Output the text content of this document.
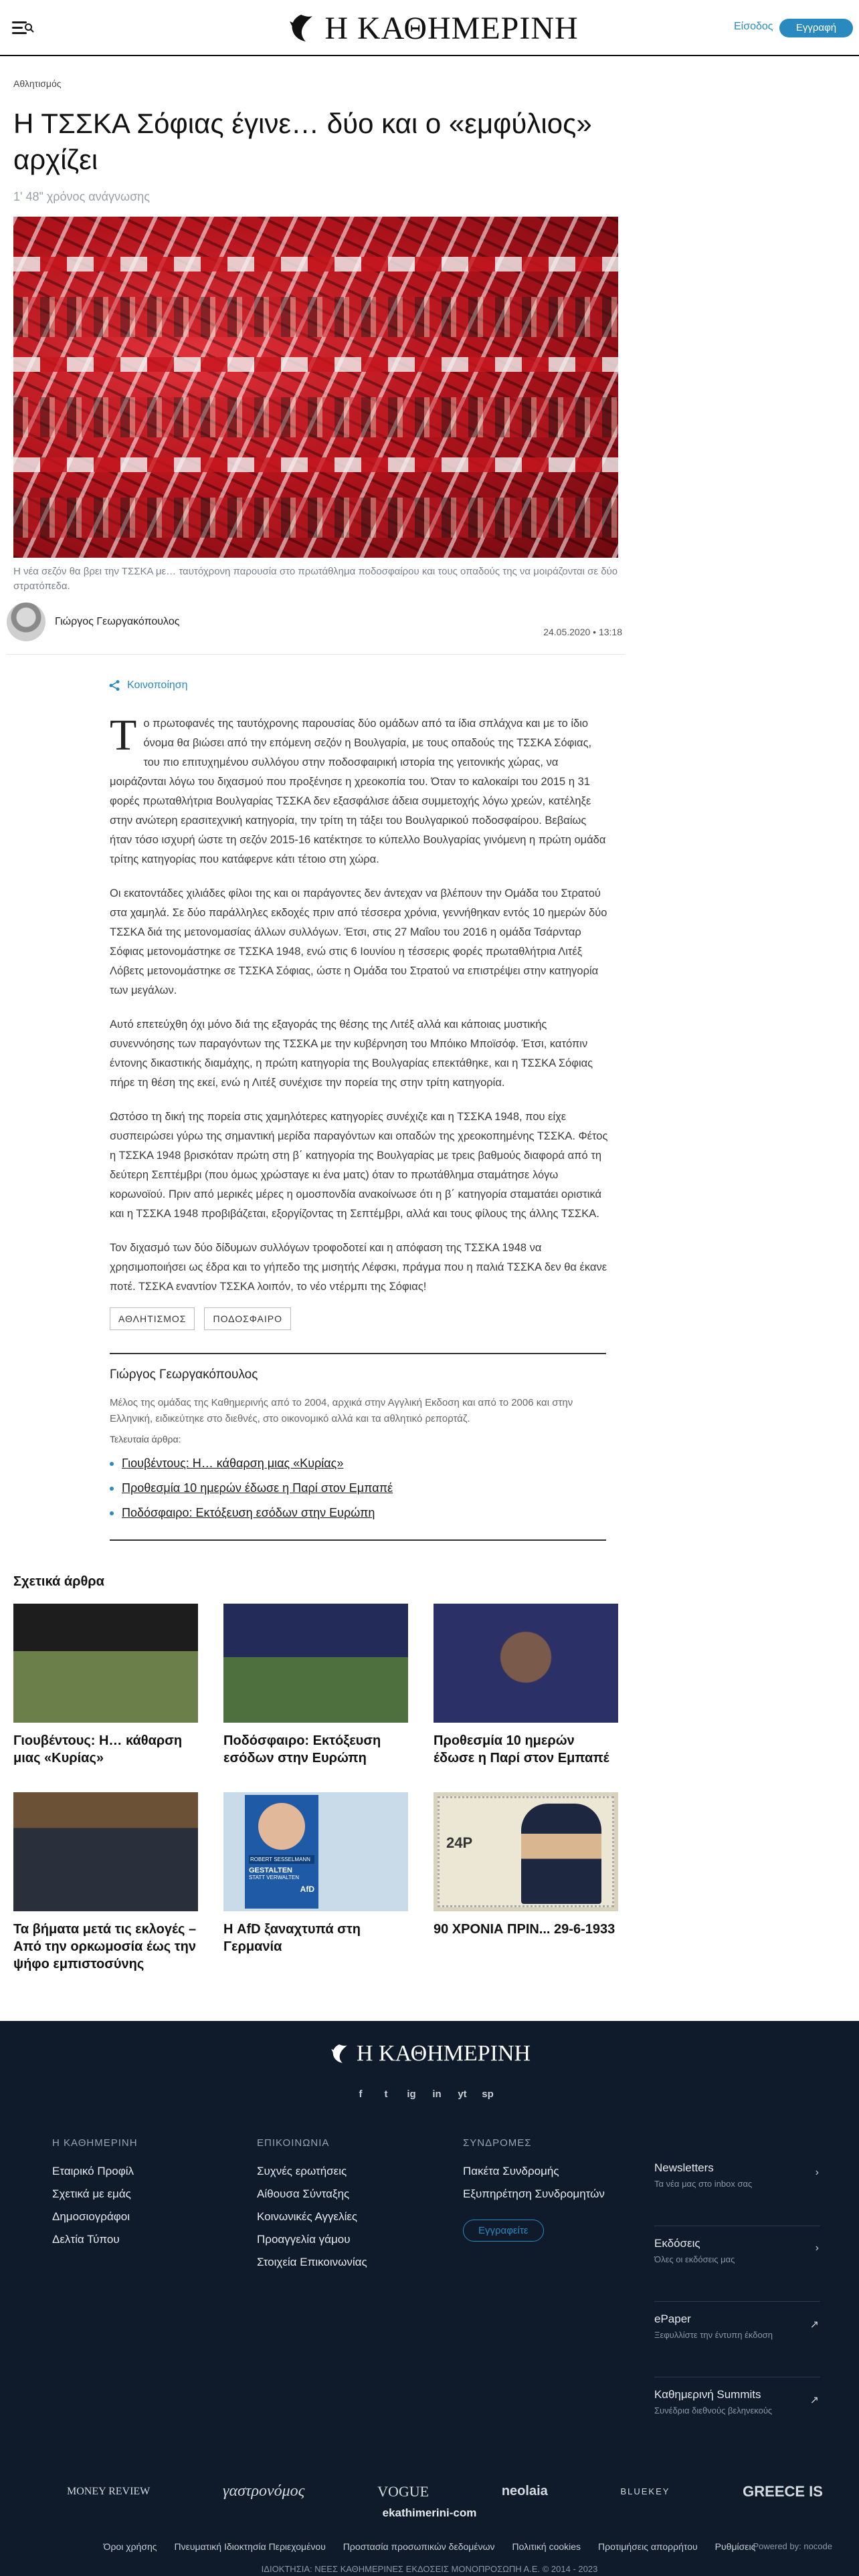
Η ΚΑΘΗΜΕΡΙΝΗ	Είσοδος	Εγγραφή
Αθλητισμός
Η ΤΣΣΚΑ Σόφιας έγινε… δύο και ο «εμφύλιος» αρχίζει
1' 48" χρόνος ανάγνωσης
Η νέα σεζόν θα βρει την ΤΣΣΚΑ με… ταυτόχρονη παρουσία στο πρωτάθλημα ποδοσφαίρου και τους οπαδούς της να μοιράζονται σε δύο στρατόπεδα.
Γιώργος Γεωργακόπουλος
24.05.2020 • 13:18
Κοινοποίηση

Το πρωτοφανές της ταυτόχρονης παρουσίας δύο ομάδων από τα ίδια σπλάχνα και με το ίδιο όνομα θα βιώσει από την επόμενη σεζόν η Βουλγαρία, με τους οπαδούς της ΤΣΣΚΑ Σόφιας, του πιο επιτυχημένου συλλόγου στην ποδοσφαιρική ιστορία της γειτονικής χώρας, να μοιράζονται λόγω του διχασμού που προξένησε η χρεοκοπία του. Όταν το καλοκαίρι του 2015 η 31 φορές πρωταθλήτρια Βουλγαρίας ΤΣΣΚΑ δεν εξασφάλισε άδεια συμμετοχής λόγω χρεών, κατέληξε στην ανώτερη ερασιτεχνική κατηγορία, την τρίτη τη τάξει του Βουλγαρικού ποδοσφαίρου. Βεβαίως ήταν τόσο ισχυρή ώστε τη σεζόν 2015-16 κατέκτησε το κύπελλο Βουλγαρίας γινόμενη η πρώτη ομάδα τρίτης κατηγορίας που κατάφερνε κάτι τέτοιο στη χώρα.

Οι εκατοντάδες χιλιάδες φίλοι της και οι παράγοντες δεν άντεχαν να βλέπουν την Ομάδα του Στρατού στα χαμηλά. Σε δύο παράλληλες εκδοχές πριν από τέσσερα χρόνια, γεννήθηκαν εντός 10 ημερών δύο ΤΣΣΚΑ διά της μετονομασίας άλλων συλλόγων. Έτσι, στις 27 Μαΐου του 2016 η ομάδα Τσάρνταρ Σόφιας μετονομάστηκε σε ΤΣΣΚΑ 1948, ενώ στις 6 Ιουνίου η τέσσερις φορές πρωταθλήτρια Λιτέξ Λόβετς μετονομάστηκε σε ΤΣΣΚΑ Σόφιας, ώστε η Ομάδα του Στρατού να επιστρέψει στην κατηγορία των μεγάλων.

Αυτό επετεύχθη όχι μόνο διά της εξαγοράς της θέσης της Λιτέξ αλλά και κάποιας μυστικής συνεννόησης των παραγόντων της ΤΣΣΚΑ με την κυβέρνηση του Μπόικο Μποϊσόφ. Έτσι, κατόπιν έντονης δικαστικής διαμάχης, η πρώτη κατηγορία της Βουλγαρίας επεκτάθηκε, και η ΤΣΣΚΑ Σόφιας πήρε τη θέση της εκεί, ενώ η Λιτέξ συνέχισε την πορεία της στην τρίτη κατηγορία.

Ωστόσο τη δική της πορεία στις χαμηλότερες κατηγορίες συνέχιζε και η ΤΣΣΚΑ 1948, που είχε συσπειρώσει γύρω της σημαντική μερίδα παραγόντων και οπαδών της χρεοκοπημένης ΤΣΣΚΑ. Φέτος η ΤΣΣΚΑ 1948 βρισκόταν πρώτη στη β΄ κατηγορία της Βουλγαρίας με τρεις βαθμούς διαφορά από τη δεύτερη Σεπτέμβρι (που όμως χρώσταγε κι ένα ματς) όταν το πρωτάθλημα σταμάτησε λόγω κορωνοϊού. Πριν από μερικές μέρες η ομοσπονδία ανακοίνωσε ότι η β΄ κατηγορία σταματάει οριστικά και η ΤΣΣΚΑ 1948 προβιβάζεται, εξοργίζοντας τη Σεπτέμβρι, αλλά και τους φίλους της άλλης ΤΣΣΚΑ.

Τον διχασμό των δύο δίδυμων συλλόγων τροφοδοτεί και η απόφαση της ΤΣΣΚΑ 1948 να χρησιμοποιήσει ως έδρα και το γήπεδο της μισητής Λέφσκι, πράγμα που η παλιά ΤΣΣΚΑ δεν θα έκανε ποτέ. ΤΣΣΚΑ εναντίον ΤΣΣΚΑ λοιπόν, το νέο ντέρμπι της Σόφιας!

ΑΘΛΗΤΙΣΜΟΣ	ΠΟΔΟΣΦΑΙΡΟ
Γιώργος Γεωργακόπουλος
Μέλος της ομάδας της Καθημερινής από το 2004, αρχικά στην Αγγλική Εκδοση και από το 2006 και στην Ελληνική, ειδικεύτηκε στο διεθνές, στο οικονομικό αλλά και τα αθλητικό ρεπορτάζ.
Τελευταία άρθρα:
Γιουβέντους: Η… κάθαρση μιας «Κυρίας»
Προθεσμία 10 ημερών έδωσε η Παρί στον Εμπαπέ
Ποδόσφαιρο: Εκτόξευση εσόδων στην Ευρώπη
Σχετικά άρθρα
Γιουβέντους: Η… κάθαρση μιας «Κυρίας»
Ποδόσφαιρο: Εκτόξευση εσόδων στην Ευρώπη
Προθεσμία 10 ημερών έδωσε η Παρί στον Εμπαπέ
Τα βήματα μετά τις εκλογές – Από την ορκωμοσία έως την ψήφο εμπιστοσύνης
ROBERT SESSELMANN
GESTALTEN
STATT VERWALTEN
AfD
Η AfD ξαναχτυπά στη Γερμανία
24P
90 ΧΡΟΝΙΑ ΠΡΙΝ... 29-6-1933
Η ΚΑΘΗΜΕΡΙΝΗ
f	t	ig in yt sp
Η ΚΑΘΗΜΕΡΙΝΗ
Εταιρικό Προφίλ
Σχετικά με εμάς
Δημοσιογράφοι
Δελτία Τύπου
ΕΠΙΚΟΙΝΩΝΙΑ
Συχνές ερωτήσεις
Αίθουσα Σύνταξης
Κοινωνικές Αγγελίες
Προαγγελία γάμου
Στοιχεία Επικοινωνίας
ΣΥΝΔΡΟΜΕΣ
Πακέτα Συνδρομής
Εξυπηρέτηση Συνδρομητών
Εγγραφείτε
Newsletters
Τα νέα μας στο inbox σας
›
Εκδόσεις
Όλες οι εκδόσεις μας
›
ePaper
Ξεφυλλίστε την έντυπη έκδοση
↗
Καθημερινή Summits
Συνέδρια διεθνούς βεληνεκούς
↗
MONEY REVIEW	γαστρονόμος	VOGUE	neolaia	BLUEKEY	GREECE IS
ekathimerini-com
Όροι χρήσης Πνευματική Ιδιοκτησία Περιεχομένου Προστασία προσωπικών δεδομένων Πολιτική cookies Προτιμήσεις απορρήτου Ρυθμίσεις
Powered by: nocode
ΙΔΙΟΚΤΗΣΙΑ: ΝΕΕΣ ΚΑΘΗΜΕΡΙΝΕΣ ΕΚΔΟΣΕΙΣ ΜΟΝΟΠΡΟΣΩΠΗ Α.Ε. © 2014 - 2023
